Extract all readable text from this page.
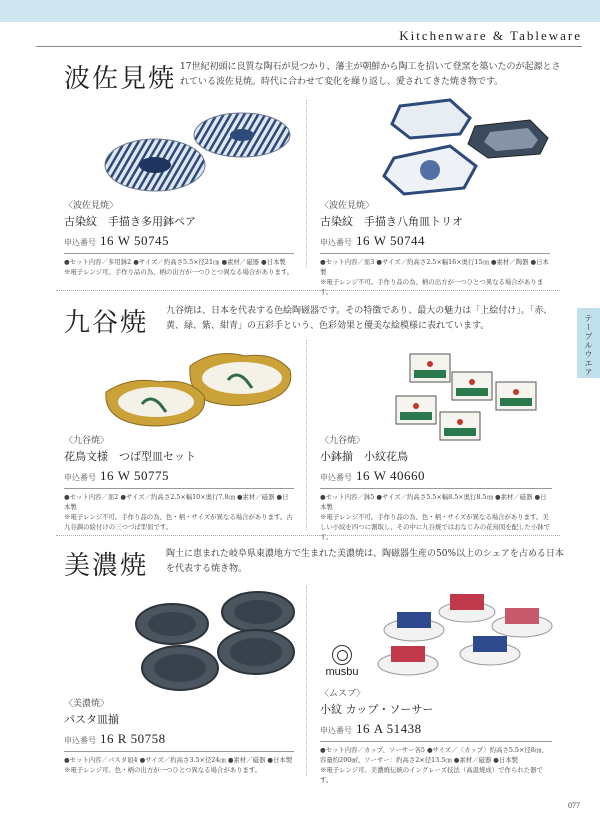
Kitchenware & Tableware
テーブルウエア
波佐見焼 17世紀初頭に良質な陶石が見つかり、藩主が朝鮮から陶工を招いて登窯を築いたのが起源とされている波佐見焼。時代に合わせて変化を繰り返し、愛されてきた焼き物です。
〈波佐見焼〉
古染紋　手描き多用鉢ペア
申込番号 16 W 50745
●セット内容／多用鉢2 ●サイズ／約高さ5.5×径21㎝ ●素材／磁器 ●日本製
※電子レンジ可。手作り品の為、柄の出方が一つひとつ異なる場合があります。
〈波佐見焼〉
古染紋　手描き八角皿トリオ
申込番号 16 W 50744
●セット内容／皿3 ●サイズ／約高さ2.5×幅16×奥行15㎝ ●素材／陶器 ●日本製
※電子レンジ不可。手作り品の為、柄の出方が一つひとつ異なる場合があります。
九谷焼 九谷焼は、日本を代表する色絵陶磁器です。その特徴であり、最大の魅力は「上絵付け」。「赤、黄、緑、紫、紺青」の五彩手という、色彩効果と優美な絵模様に表れています。
〈九谷焼〉
花鳥文様　つば型皿セット
申込番号 16 W 50775
●セット内容／皿2 ●サイズ／約高さ2.5×幅10×奥行7.8㎝ ●素材／磁器 ●日本製
※電子レンジ不可。手作り品の為、色・柄・サイズが異なる場合があります。古九谷調の絵付けの三つづば型皿です。
〈九谷焼〉
小鉢揃　小紋花鳥
申込番号 16 W 40660
●セット内容／鉢5 ●サイズ／約高さ5.5×幅8.5×奥行8.5㎝ ●素材／磁器 ●日本製
※電子レンジ不可。手作り品の為、色・柄・サイズが異なる場合があります。美しい小紋を四つに割取し、その中に九谷焼ではおなじみの花鳥図を配した小鉢です。
美濃焼 陶土に恵まれた岐阜県東濃地方で生まれた美濃焼は、陶磁器生産の50%以上のシェアを占める日本を代表する焼き物。
musbu
〈美濃焼〉
パスタ皿揃
申込番号 16 R 50758
●セット内容／パスタ皿4 ●サイズ／約高さ3.5×径24㎝ ●素材／磁器 ●日本製
※電子レンジ可。色・柄の出方が一つひとつ異なる場合があります。
〈ムスブ〉
小紋 カップ・ソーサー
申込番号 16 A 51438
●セット内容／カップ、ソーサー各5 ●サイズ／〈カップ〉約高さ5.5×径8㎝、容量約200㎖、ソーサー：約高さ2×径13.5㎝ ●素材／磁器 ●日本製
※電子レンジ可。美濃焼伝統のイングレーズ技法（高温焼成）で作られた器です。
077
